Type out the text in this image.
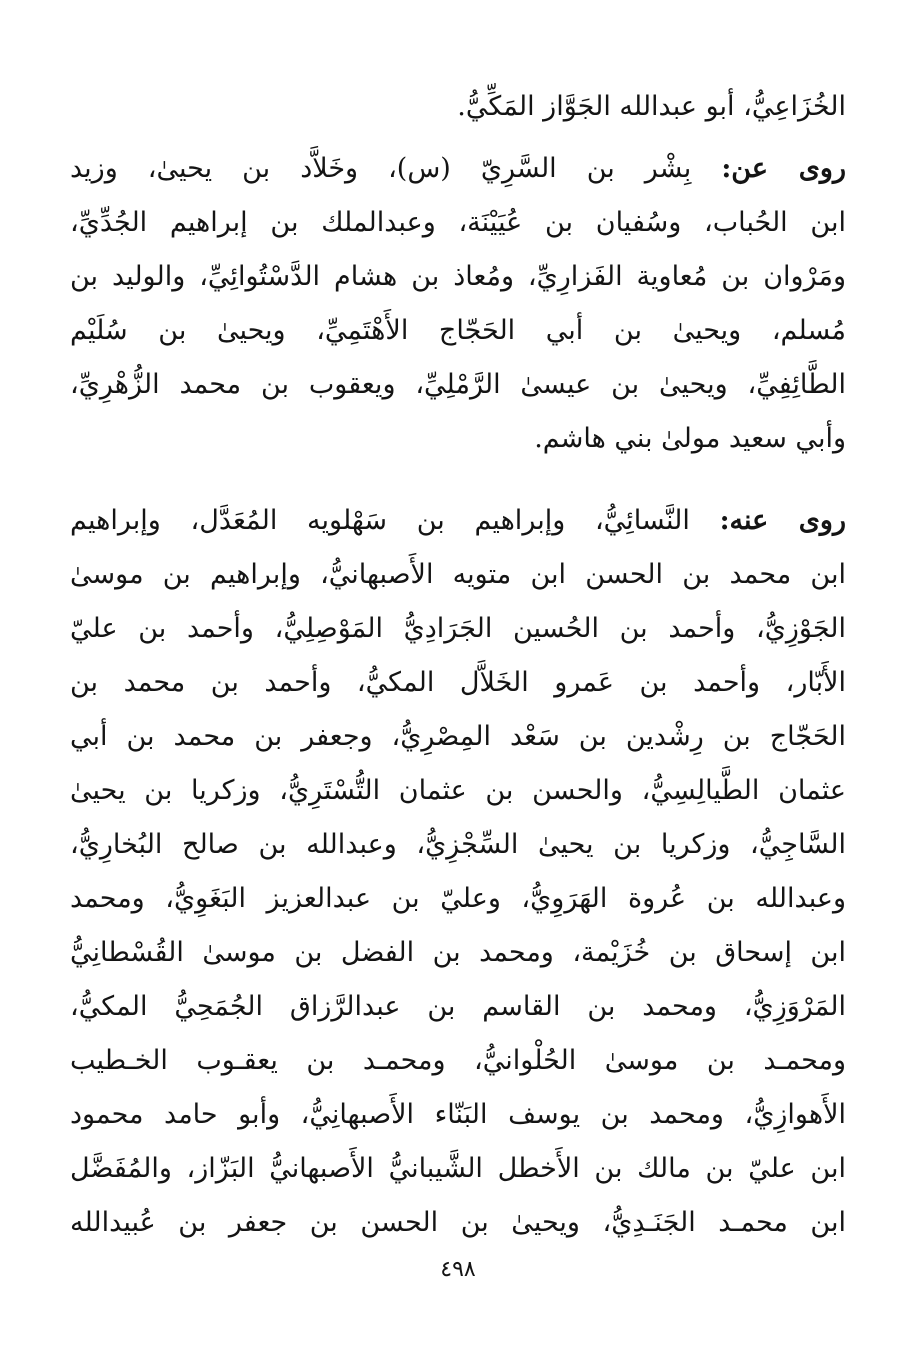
الخُزَاعِيُّ، أبو عبدالله الجَوَّاز المَكِّيُّ.
روى عن: بِشْر بن السَّرِيّ (س)، وخَلاَّد بن يحيىٰ، وزيد
ابن الحُباب، وسُفيان بن عُيَيْنَة، وعبدالملك بن إبراهيم الجُدِّيِّ،
ومَرْوان بن مُعاوية الفَزارِيِّ، ومُعاذ بن هشام الدَّسْتُوائِيِّ، والوليد بن
مُسلم، ويحيىٰ بن أبي الحَجّاج الأَهْتَمِيِّ، ويحيىٰ بن سُلَيْم
الطَّائِفِيِّ، ويحيىٰ بن عيسىٰ الرَّمْلِيِّ، ويعقوب بن محمد الزُّهْرِيِّ،
وأبي سعيد مولىٰ بني هاشم.
روى عنه: النَّسائِيُّ، وإبراهيم بن سَهْلويه المُعَدَّل، وإبراهيم
ابن محمد بن الحسن ابن متويه الأَصبهانيُّ، وإبراهيم بن موسىٰ
الجَوْزِيُّ، وأحمد بن الحُسين الجَرَادِيُّ المَوْصِلِيُّ، وأحمد بن عليّ
الأَبّار، وأحمد بن عَمرو الخَلاَّل المكيُّ، وأحمد بن محمد بن
الحَجّاج بن رِشْدين بن سَعْد المِصْرِيُّ، وجعفر بن محمد بن أبي
عثمان الطَّيالِسِيُّ، والحسن بن عثمان التُّسْتَرِيُّ، وزكريا بن يحيىٰ
السَّاجِيُّ، وزكريا بن يحيىٰ السِّجْزِيُّ، وعبدالله بن صالح البُخارِيُّ،
وعبدالله بن عُروة الهَرَوِيُّ، وعليّ بن عبدالعزيز البَغَوِيُّ، ومحمد
ابن إسحاق بن خُزَيْمة، ومحمد بن الفضل بن موسىٰ القُسْطانِيُّ
المَرْوَزِيُّ، ومحمد بن القاسم بن عبدالرَّزاق الجُمَحِيُّ المكيُّ،
ومحمـد بن موسىٰ الحُلْوانيُّ، ومحمـد بن يعقـوب الخـطيب
الأَهوازِيُّ، ومحمد بن يوسف البَنّاء الأَصبهانِيُّ، وأبو حامد محمود
ابن عليّ بن مالك بن الأَخطل الشَّيبانيُّ الأَصبهانيُّ البَزّاز، والمُفَضَّل
ابن محمـد الجَنَـدِيُّ، ويحيىٰ بن الحسن بن جعفر بن عُبيدالله
٤٩٨
